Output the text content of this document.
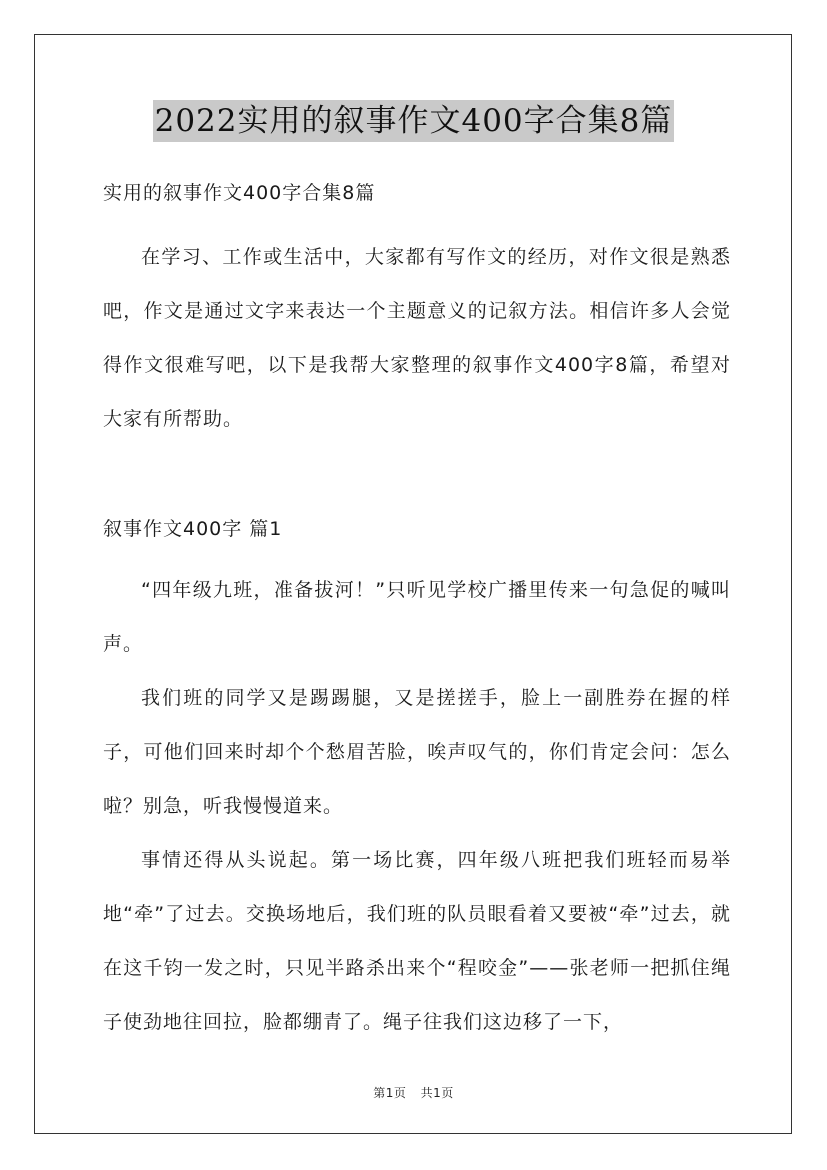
2022实用的叙事作文400字合集8篇

实用的叙事作文400字合集8篇

在学习、工作或生活中，大家都有写作文的经历，对作文很是熟悉吧，作文是通过文字来表达一个主题意义的记叙方法。相信许多人会觉得作文很难写吧，以下是我帮大家整理的叙事作文400字8篇，希望对大家有所帮助。

叙事作文400字 篇1

“四年级九班，准备拔河！”只听见学校广播里传来一句急促的喊叫声。

我们班的同学又是踢踢腿，又是搓搓手，脸上一副胜券在握的样子，可他们回来时却个个愁眉苦脸，唉声叹气的，你们肯定会问：怎么啦？别急，听我慢慢道来。

事情还得从头说起。第一场比赛，四年级八班把我们班轻而易举地“牵”了过去。交换场地后，我们班的队员眼看着又要被“牵”过去，就在这千钧一发之时，只见半路杀出来个“程咬金”——张老师一把抓住绳子使劲地往回拉，脸都绷青了。绳子往我们这边移了一下，

第1页 共1页
